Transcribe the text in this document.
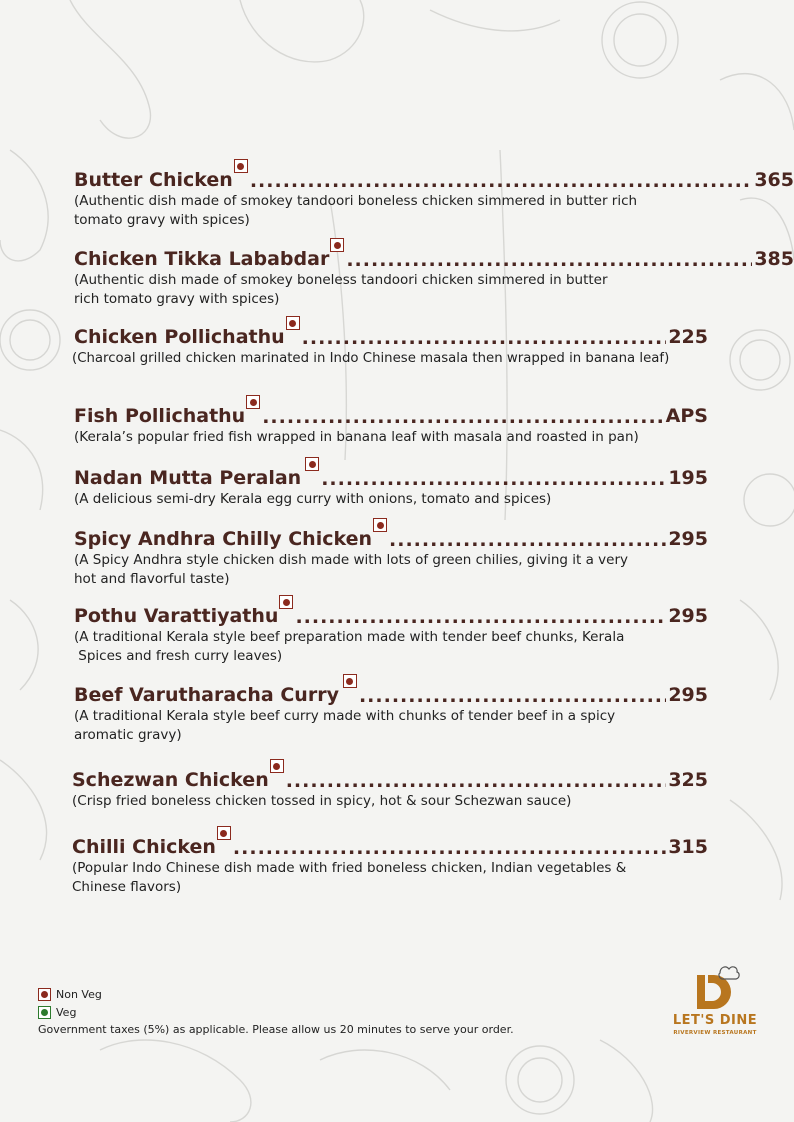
Butter Chicken .....	365
(Authentic dish made of smokey tandoori boneless chicken simmered in butter rich
tomato gravy with spices)
Chicken Tikka Lababdar .....	385
(Authentic dish made of smokey boneless tandoori chicken simmered in butter
rich tomato gravy with spices)
Chicken Pollichathu .....	225
(Charcoal grilled chicken marinated in Indo Chinese masala then wrapped in banana leaf)
Fish Pollichathu .....	APS
(Kerala’s popular fried fish wrapped in banana leaf with masala and roasted in pan)
Nadan Mutta Peralan .....	195
(A delicious semi-dry Kerala egg curry with onions, tomato and spices)
Spicy Andhra Chilly Chicken .....	295
(A Spicy Andhra style chicken dish made with lots of green chilies, giving it a very
hot and flavorful taste)
Pothu Varattiyathu .....	295
(A traditional Kerala style beef preparation made with tender beef chunks, Kerala
Spices and fresh curry leaves)
Beef Varutharacha Curry .....	295
(A traditional Kerala style beef curry made with chunks of tender beef in a spicy
aromatic gravy)
Schezwan Chicken .....	325
(Crisp fried boneless chicken tossed in spicy, hot & sour Schezwan sauce)
Chilli Chicken .....	315
(Popular Indo Chinese dish made with fried boneless chicken, Indian vegetables &
Chinese flavors)
Non Veg
Veg
Government taxes (5%) as applicable. Please allow us 20 minutes to serve your order.
LET'S DINE
RIVERVIEW RESTAURANT
